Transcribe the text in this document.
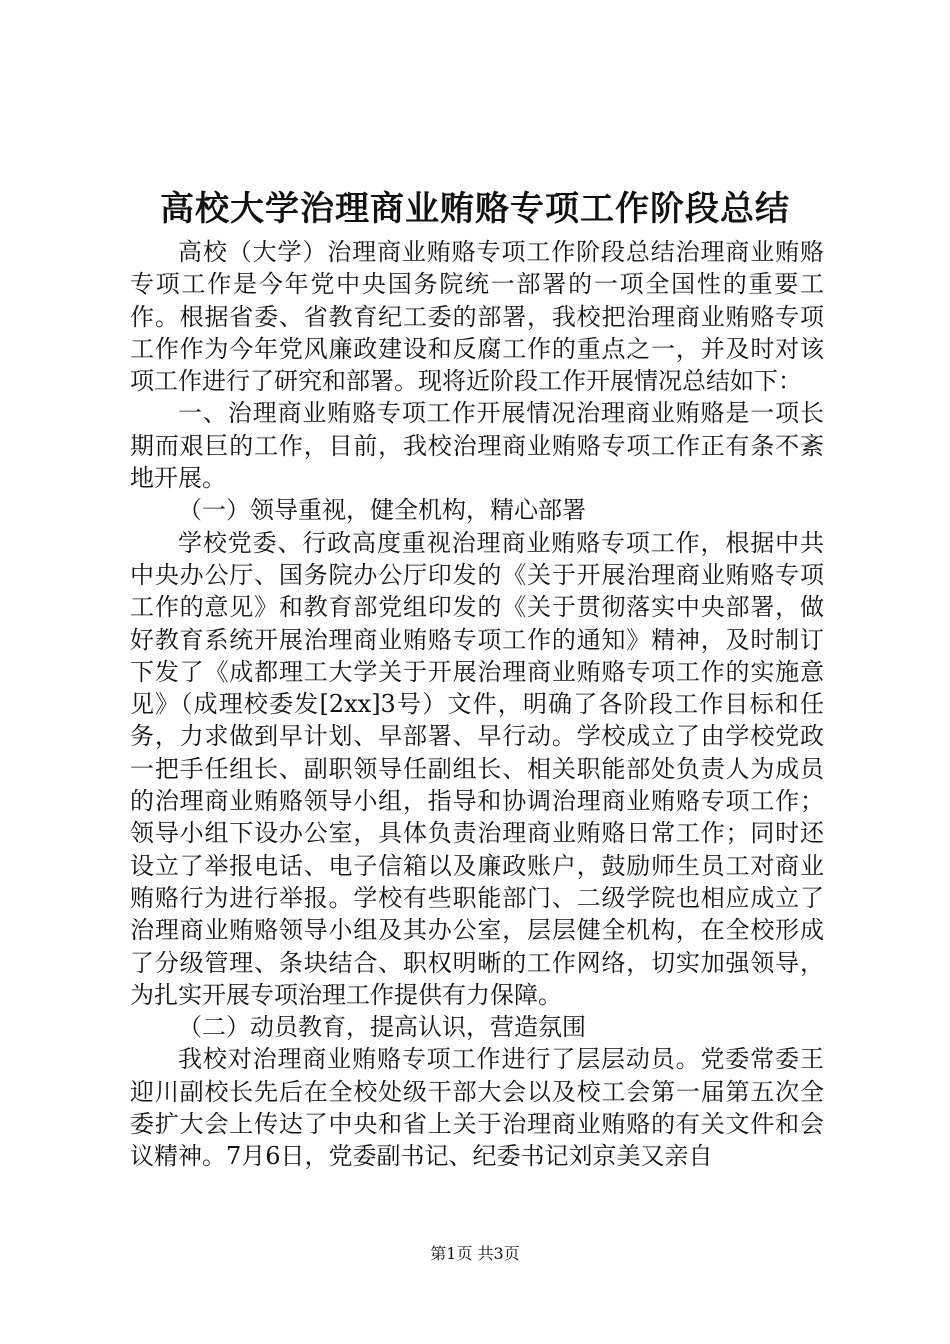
高校大学治理商业贿赂专项工作阶段总结

高校（大学）治理商业贿赂专项工作阶段总结治理商业贿赂专项工作是今年党中央国务院统一部署的一项全国性的重要工作。根据省委、省教育纪工委的部署，我校把治理商业贿赂专项工作作为今年党风廉政建设和反腐工作的重点之一，并及时对该项工作进行了研究和部署。现将近阶段工作开展情况总结如下：

一、治理商业贿赂专项工作开展情况治理商业贿赂是一项长期而艰巨的工作，目前，我校治理商业贿赂专项工作正有条不紊地开展。

（一）领导重视，健全机构，精心部署

学校党委、行政高度重视治理商业贿赂专项工作，根据中共中央办公厅、国务院办公厅印发的《关于开展治理商业贿赂专项工作的意见》和教育部党组印发的《关于贯彻落实中央部署，做好教育系统开展治理商业贿赂专项工作的通知》精神，及时制订下发了《成都理工大学关于开展治理商业贿赂专项工作的实施意见》（成理校委发[2xx]3号）文件，明确了各阶段工作目标和任务，力求做到早计划、早部署、早行动。学校成立了由学校党政一把手任组长、副职领导任副组长、相关职能部处负责人为成员的治理商业贿赂领导小组，指导和协调治理商业贿赂专项工作；领导小组下设办公室，具体负责治理商业贿赂日常工作；同时还设立了举报电话、电子信箱以及廉政账户，鼓励师生员工对商业贿赂行为进行举报。学校有些职能部门、二级学院也相应成立了治理商业贿赂领导小组及其办公室，层层健全机构，在全校形成了分级管理、条块结合、职权明晰的工作网络，切实加强领导，为扎实开展专项治理工作提供有力保障。

（二）动员教育，提高认识，营造氛围

我校对治理商业贿赂专项工作进行了层层动员。党委常委王迎川副校长先后在全校处级干部大会以及校工会第一届第五次全委扩大会上传达了中央和省上关于治理商业贿赂的有关文件和会议精神。7月6日，党委副书记、纪委书记刘京美又亲自

第1页 共3页
